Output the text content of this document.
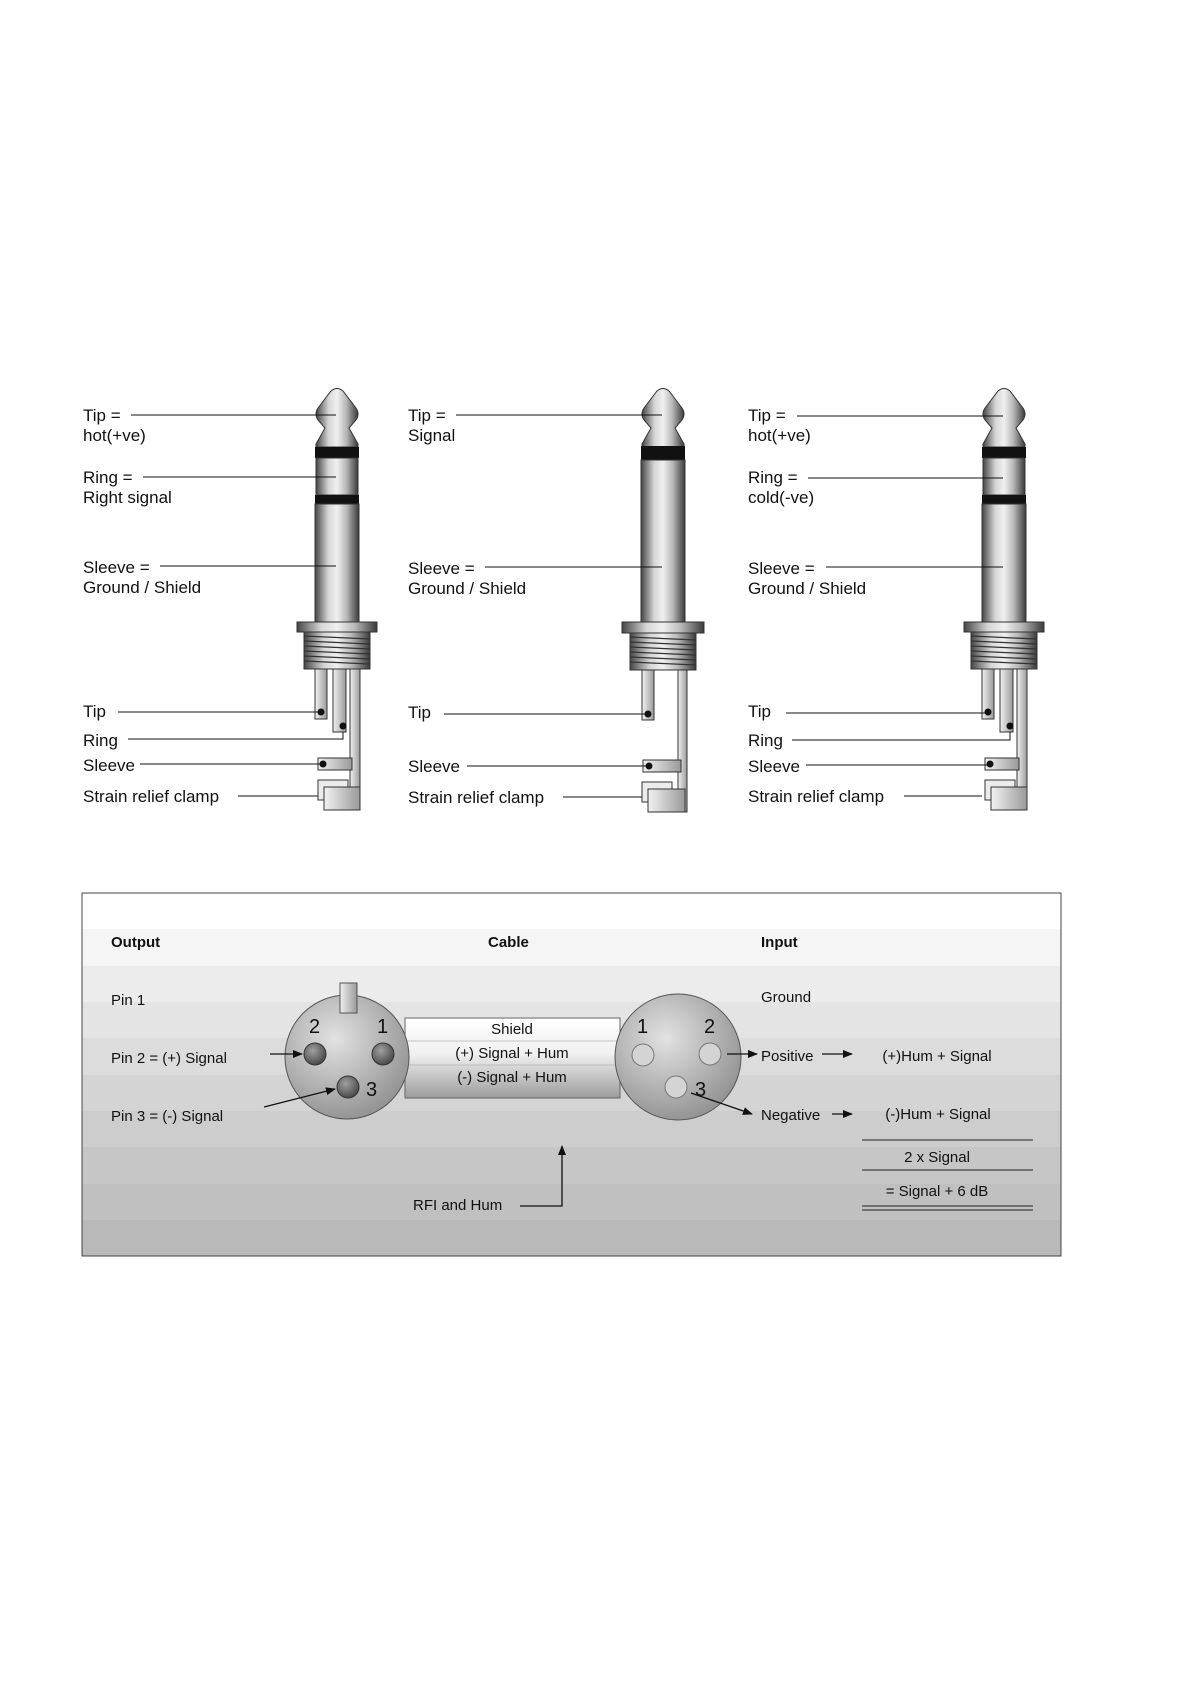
Tip =
hot(+ve)
Ring =
Right signal
Sleeve =
Ground / Shield
Tip
Ring
Sleeve
Strain relief clamp
Tip =
Signal
Sleeve =
Ground / Shield
Tip
Sleeve
Strain relief clamp
Tip =
hot(+ve)
Ring =
cold(-ve)
Sleeve =
Ground / Shield
Tip
Ring
Sleeve
Strain relief clamp
Output	Cable	Input
Pin 1
Pin 2 = (+) Signal
Pin 3 = (-) Signal
Shield
(+) Signal + Hum
(-) Signal + Hum
2	1
3
1	2
3
Ground
Positive
Negative
(+)Hum + Signal
(-)Hum + Signal
2 x Signal
= Signal + 6 dB
RFI and Hum
